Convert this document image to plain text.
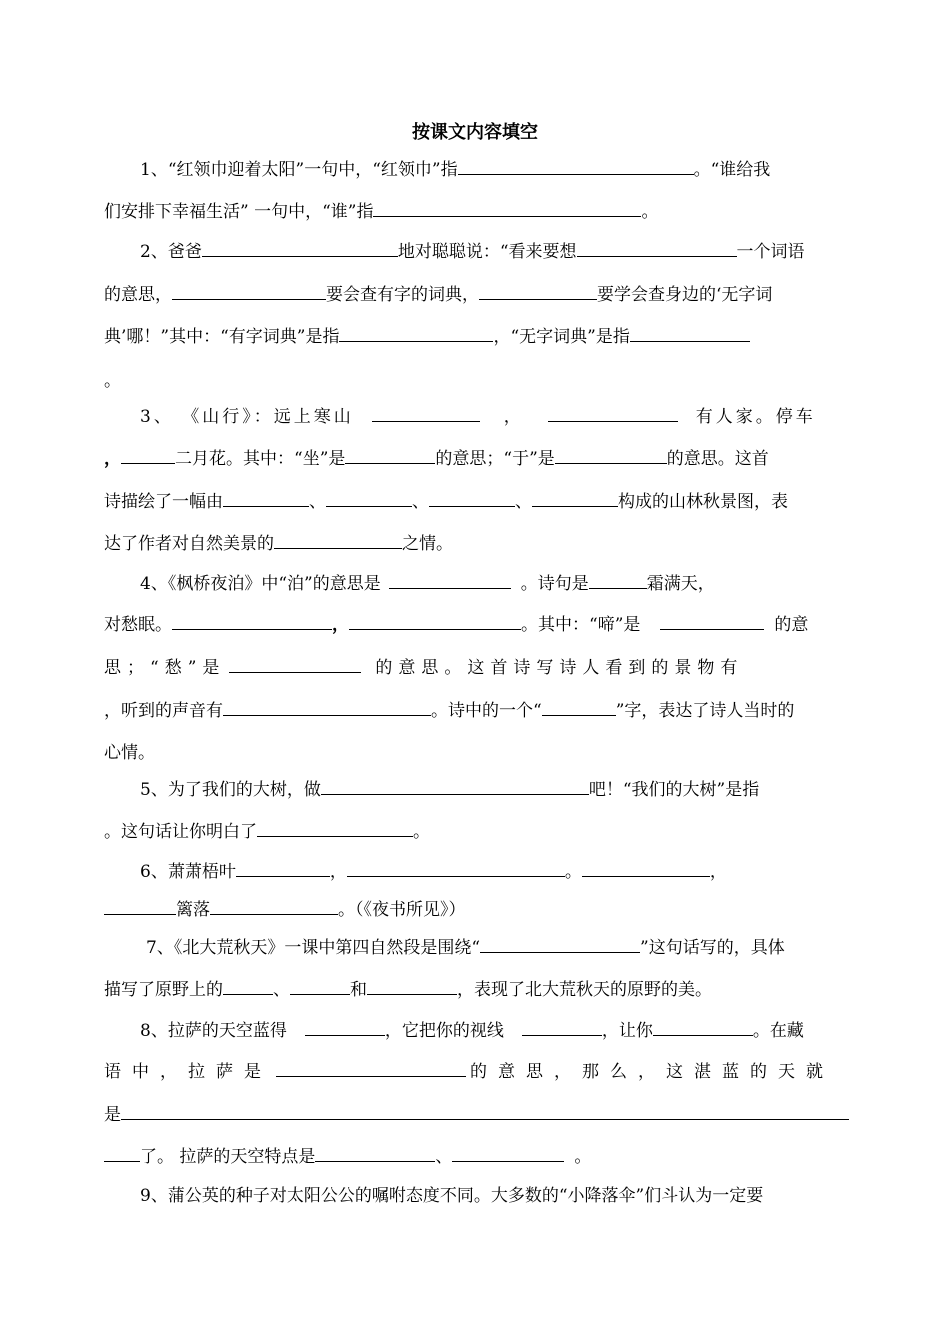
按课文内容填空
1、“红领巾迎着太阳”一句中，“红领巾”指	。“谁给我
们安排下幸福生活” 一句中，“谁”指	。
2、爸爸	地对聪聪说：“看来要想	一个词语
的意思，	要会查有字的词典，	要学会查身边的‘无字词
典’哪！”其中：“有字词典”是指	，“无字词典”是指
。
3、 《山行》：远上寒山	，	有人家。停车
，	二月花。其中：“坐”是	的意思；“于”是	的意思。这首
诗描绘了一幅由	、	、	、	构成的山林秋景图，表
达了作者对自然美景的	之情。
4、《枫桥夜泊》中“泊”的意思是	。诗句是	霜满天，
对愁眠。	，	。其中：“啼”是	的意
思；“愁”是	的意思。这首诗写诗人看到的景物有
，听到的声音有	。诗中的一个“	”字，表达了诗人当时的
心情。
5、为了我们的大树，做	吧！“我们的大树”是指
。这句话让你明白了	。
6、萧萧梧叶	，	。	，
篱落	。（《夜书所见》）
7、《北大荒秋天》一课中第四自然段是围绕“	”这句话写的，具体
描写了原野上的	、	和	，表现了北大荒秋天的原野的美。
8、拉萨的天空蓝得	，它把你的视线	，让你	。在藏
语中，拉萨是	的意思，那么，这湛蓝的天就
是
了。 拉萨的天空特点是	、	。
9、蒲公英的种子对太阳公公的嘱咐态度不同。大多数的“小降落伞”们斗认为一定要
